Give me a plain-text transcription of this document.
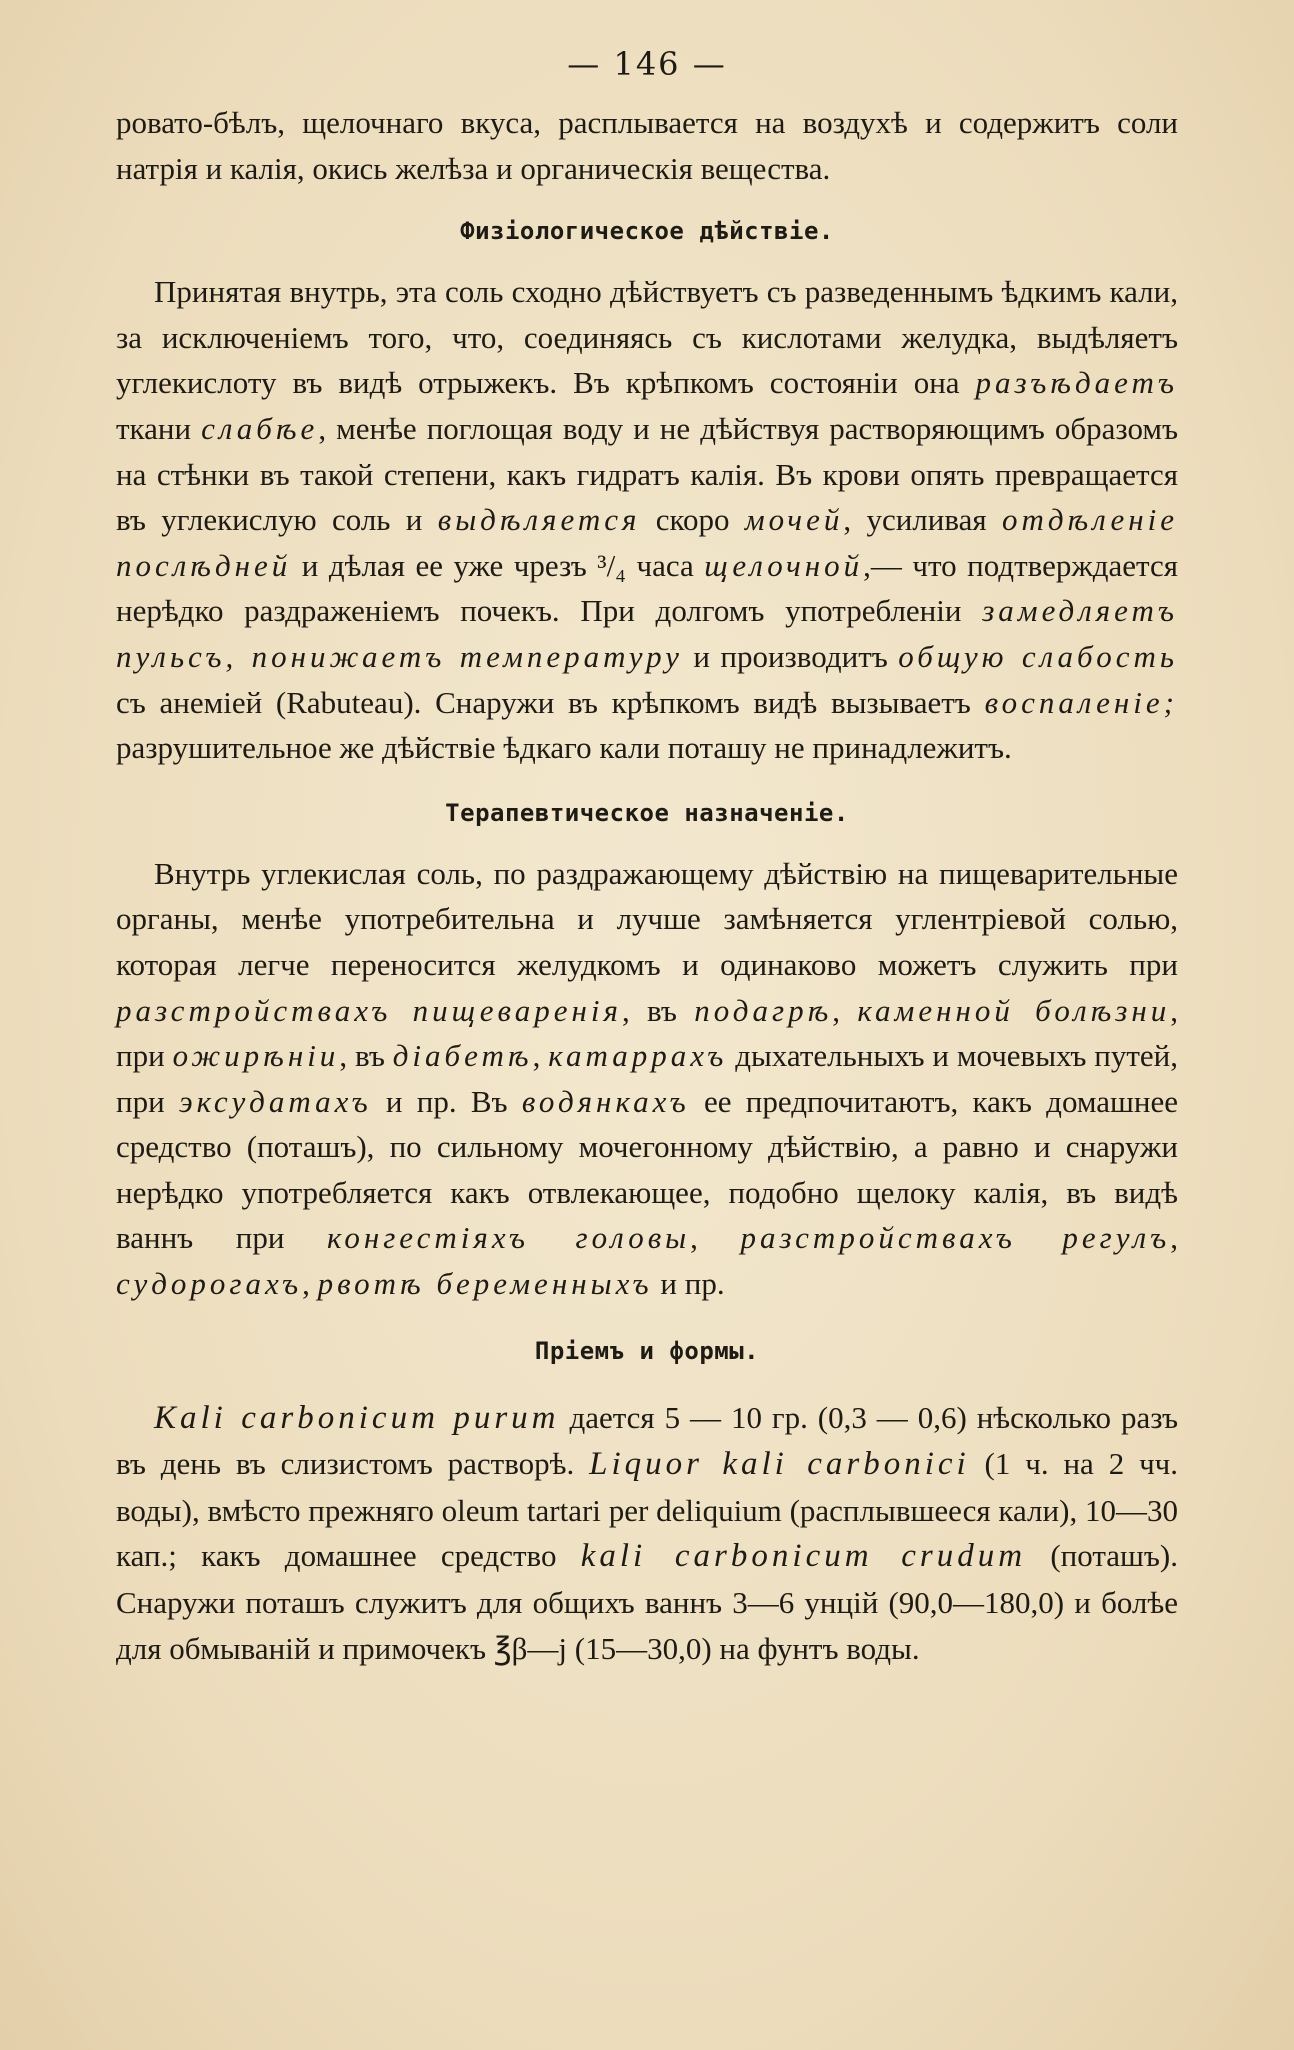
— 146 —

ровато-бѣлъ, щелочнаго вкуса, расплывается на воздухѣ и содержитъ соли натрія и калія, окись желѣза и органическія вещества.

Физіологическое дѣйствіе.

Принятая внутрь, эта соль сходно дѣйствуетъ съ разведеннымъ ѣдкимъ кали, за исключеніемъ того, что, соединяясь съ кислотами желудка, выдѣляетъ углекислоту въ видѣ отрыжекъ. Въ крѣпкомъ состояніи она разъѣдаетъ ткани слабѣе, менѣе поглощая воду и не дѣйствуя растворяющимъ образомъ на стѣнки въ такой степени, какъ гидратъ калія. Въ крови опять превращается въ углекислую соль и выдѣляется скоро мочей, усиливая отдѣленіе послѣдней и дѣлая ее уже чрезъ ³/₄ часа щелочной,— что подтверждается нерѣдко раздраженіемъ почекъ. При долгомъ употребленіи замедляетъ пульсъ, понижаетъ температуру и производитъ общую слабость съ анеміей (Rabuteau). Снаружи въ крѣпкомъ видѣ вызываетъ воспаленіе; разрушительное же дѣйствіе ѣдкаго кали поташу не принадлежитъ.

Терапевтическое назначеніе.

Внутрь углекислая соль, по раздражающему дѣйствію на пищеварительные органы, менѣе употребительна и лучше замѣняется углентріевой солью, которая легче переносится желудкомъ и одинаково можетъ служить при разстройствахъ пищеваренія, въ подагрѣ, каменной болѣзни, при ожирѣніи, въ діабетѣ, катаррахъ дыхательныхъ и мочевыхъ путей, при эксудатахъ и пр. Въ водянкахъ ее предпочитаютъ, какъ домашнее средство (поташъ), по сильному мочегонному дѣйствію, а равно и снаружи нерѣдко употребляется какъ отвлекающее, подобно щелоку калія, въ видѣ ваннъ при конгестіяхъ головы, разстройствахъ регулъ, судорогахъ, рвотѣ беременныхъ и пр.

Пріемъ и формы.

Kali carbonicum purum дается 5 — 10 гр. (0,3 — 0,6) нѣсколько разъ въ день въ слизистомъ растворѣ. Liquor kali carbonici (1 ч. на 2 чч. воды), вмѣсто прежняго oleum tartari per deliquium (расплывшееся кали), 10—30 кап.; какъ домашнее средство kali carbonicum crudum (поташъ). Снаружи поташъ служитъ для общихъ ваннъ 3—6 унцій (90,0—180,0) и болѣе для обмыванiй и примочекъ ℥β—j (15—30,0) на фунтъ воды.
